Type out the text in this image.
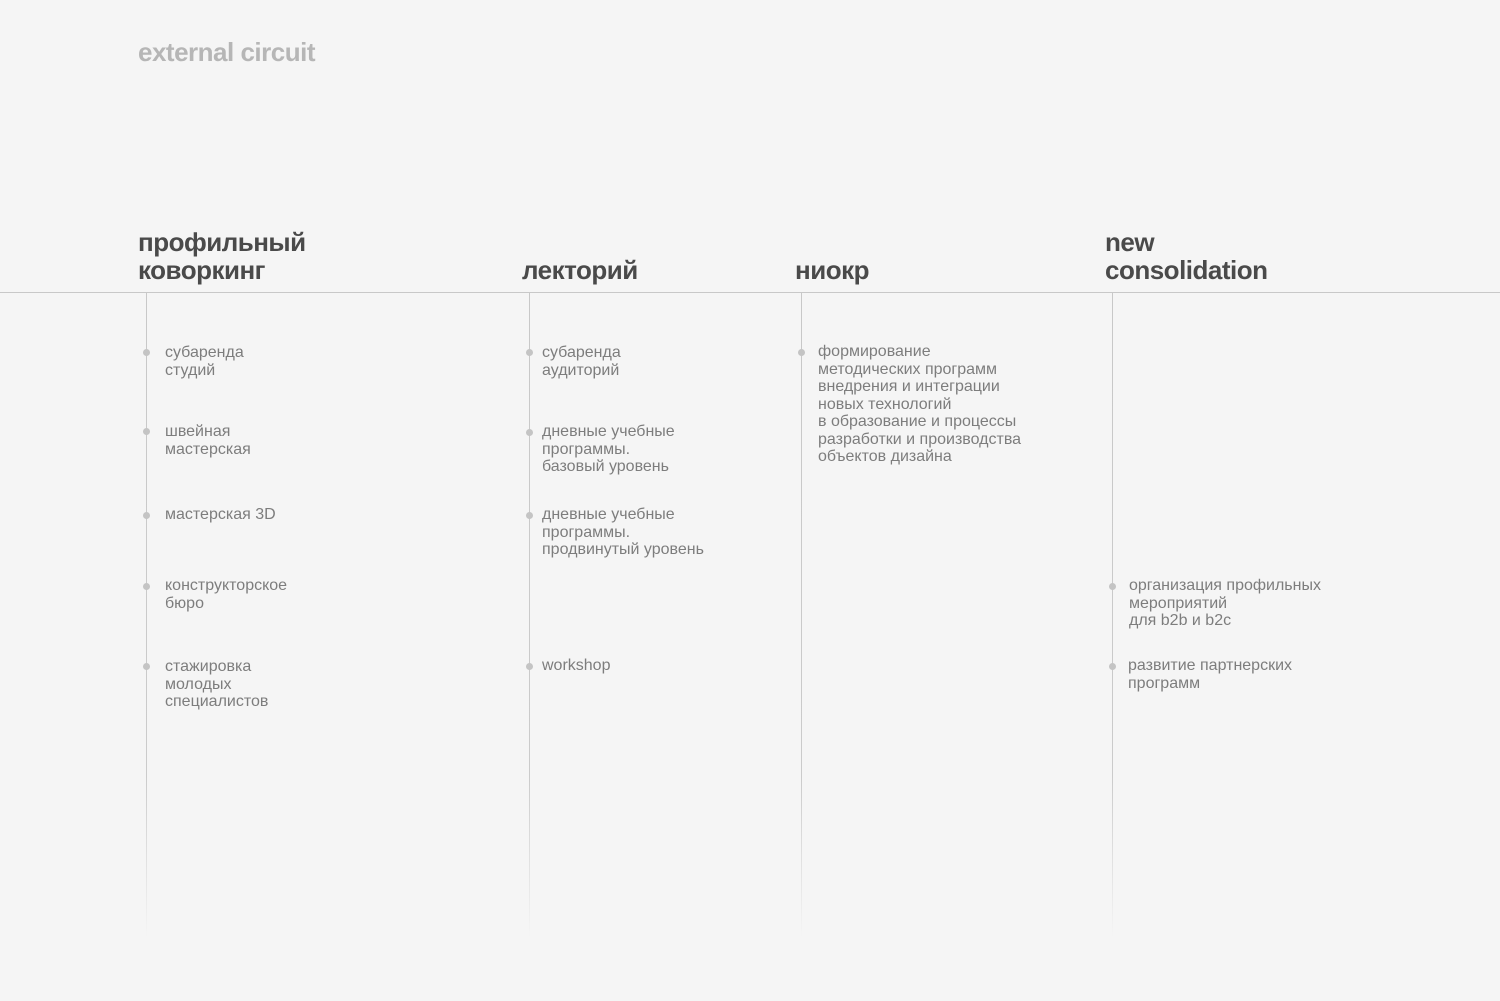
external circuit
профильный
коворкинг	лекторий	ниокр
new
consolidation
субаренда
студий
швейная
мастерская
мастерская 3D
конструкторское
бюро
стажировка
молодых
специалистов
субаренда
аудиторий
дневные учебные
программы.
базовый уровень
дневные учебные
программы.
продвинутый уровень
workshop
формирование
методических программ
внедрения и интеграции
новых технологий
в образование и процессы
разработки и производства
объектов дизайна
организация профильных
мероприятий
для b2b и b2c
развитие партнерских
программ
